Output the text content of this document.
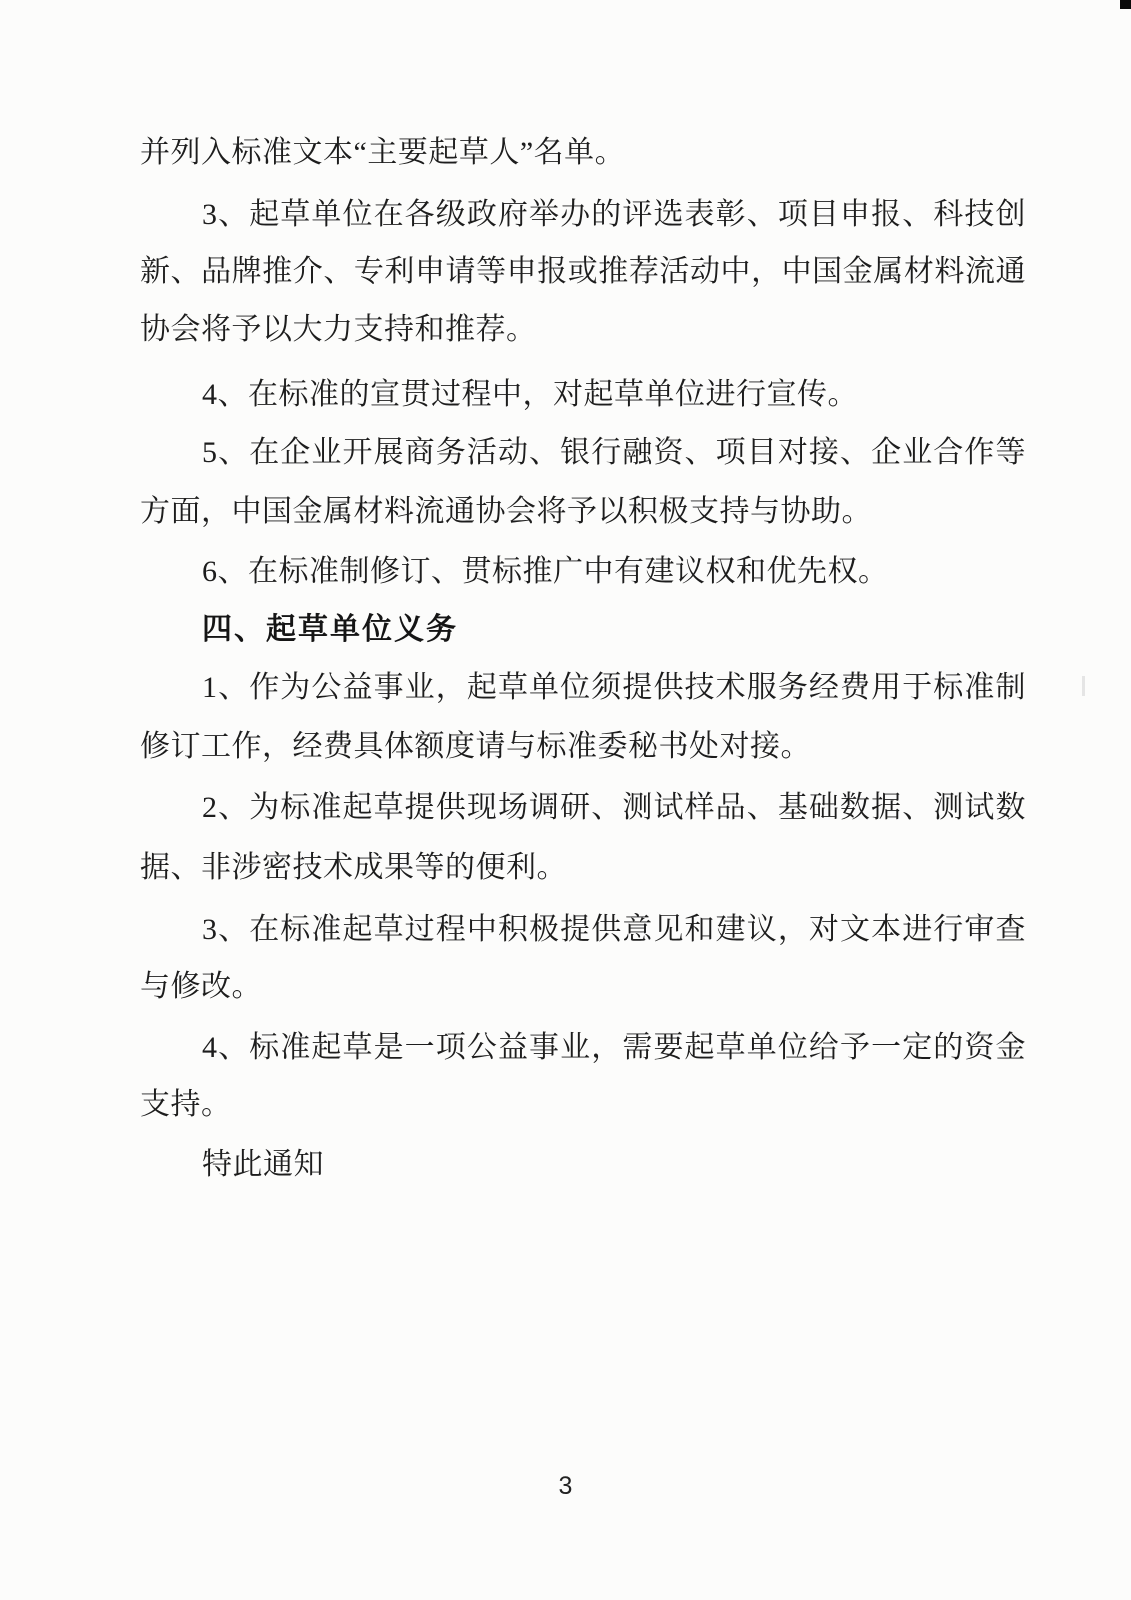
并列入标准文本“主要起草人”名单。
3、起草单位在各级政府举办的评选表彰、项目申报、科技创
新、品牌推介、专利申请等申报或推荐活动中，中国金属材料流通
协会将予以大力支持和推荐。
4、在标准的宣贯过程中，对起草单位进行宣传。
5、在企业开展商务活动、银行融资、项目对接、企业合作等
方面，中国金属材料流通协会将予以积极支持与协助。
6、在标准制修订、贯标推广中有建议权和优先权。
四、起草单位义务
1、作为公益事业，起草单位须提供技术服务经费用于标准制
修订工作，经费具体额度请与标准委秘书处对接。
2、为标准起草提供现场调研、测试样品、基础数据、测试数
据、非涉密技术成果等的便利。
3、在标准起草过程中积极提供意见和建议，对文本进行审查
与修改。
4、标准起草是一项公益事业，需要起草单位给予一定的资金
支持。
特此通知
3
